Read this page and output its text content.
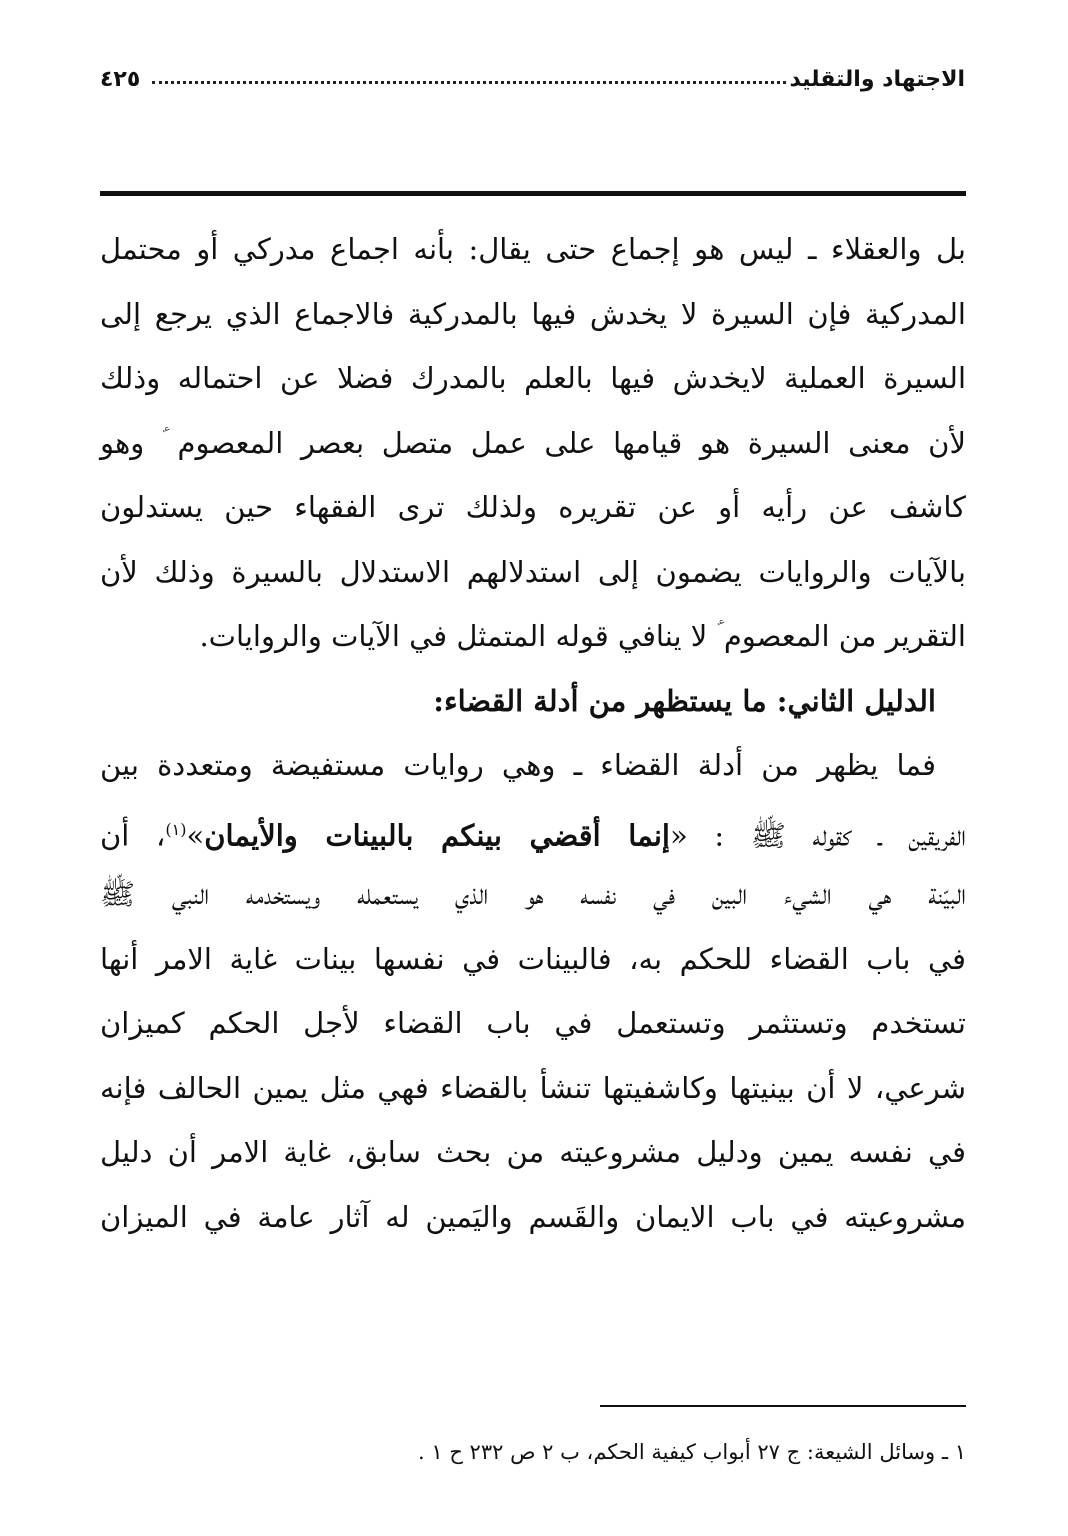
الاجتهاد والتقليد
٤٢٥
بل والعقلاء ـ ليس هو إجماع حتى يقال: بأنه اجماع مدركي أو محتمل
المدركية فإن السيرة لا يخدش فيها بالمدركية فالاجماع الذي يرجع إلى
السيرة العملية لايخدش فيها بالعلم بالمدرك فضلا عن احتماله وذلك
لأن معنى السيرة هو قيامها على عمل متصل بعصر المعصوم ؑ وهو
كاشف عن رأيه أو عن تقريره ولذلك ترى الفقهاء حين يستدلون
بالآيات والروايات يضمون إلى استدلالهم الاستدلال بالسيرة وذلك لأن
التقرير من المعصوم ؑ لا ينافي قوله المتمثل في الآيات والروايات.
الدليل الثاني: ما يستظهر من أدلة القضاء:
فما يظهر من أدلة القضاء ـ وهي روايات مستفيضة ومتعددة بين
الفريقين ـ كقوله ﷺ : «إنما أقضي بينكم بالبينات والأيمان»$^{(١)}$، أن
البيّنة هي الشيء البين في نفسه هو الذي يستعمله ويستخدمه النبي ﷺ
في باب القضاء للحكم به، فالبينات في نفسها بينات غاية الامر أنها
تستخدم وتستثمر وتستعمل في باب القضاء لأجل الحكم كميزان
شرعي، لا أن بينيتها وكاشفيتها تنشأ بالقضاء فهي مثل يمين الحالف فإنه
في نفسه يمين ودليل مشروعيته من بحث سابق، غاية الامر أن دليل
مشروعيته في باب الايمان والقَسم واليَمين له آثار عامة في الميزان
١ ـ وسائل الشيعة: ج ٢٧ أبواب كيفية الحكم، ب ٢ ص ٢٣٢ ح ١ .
